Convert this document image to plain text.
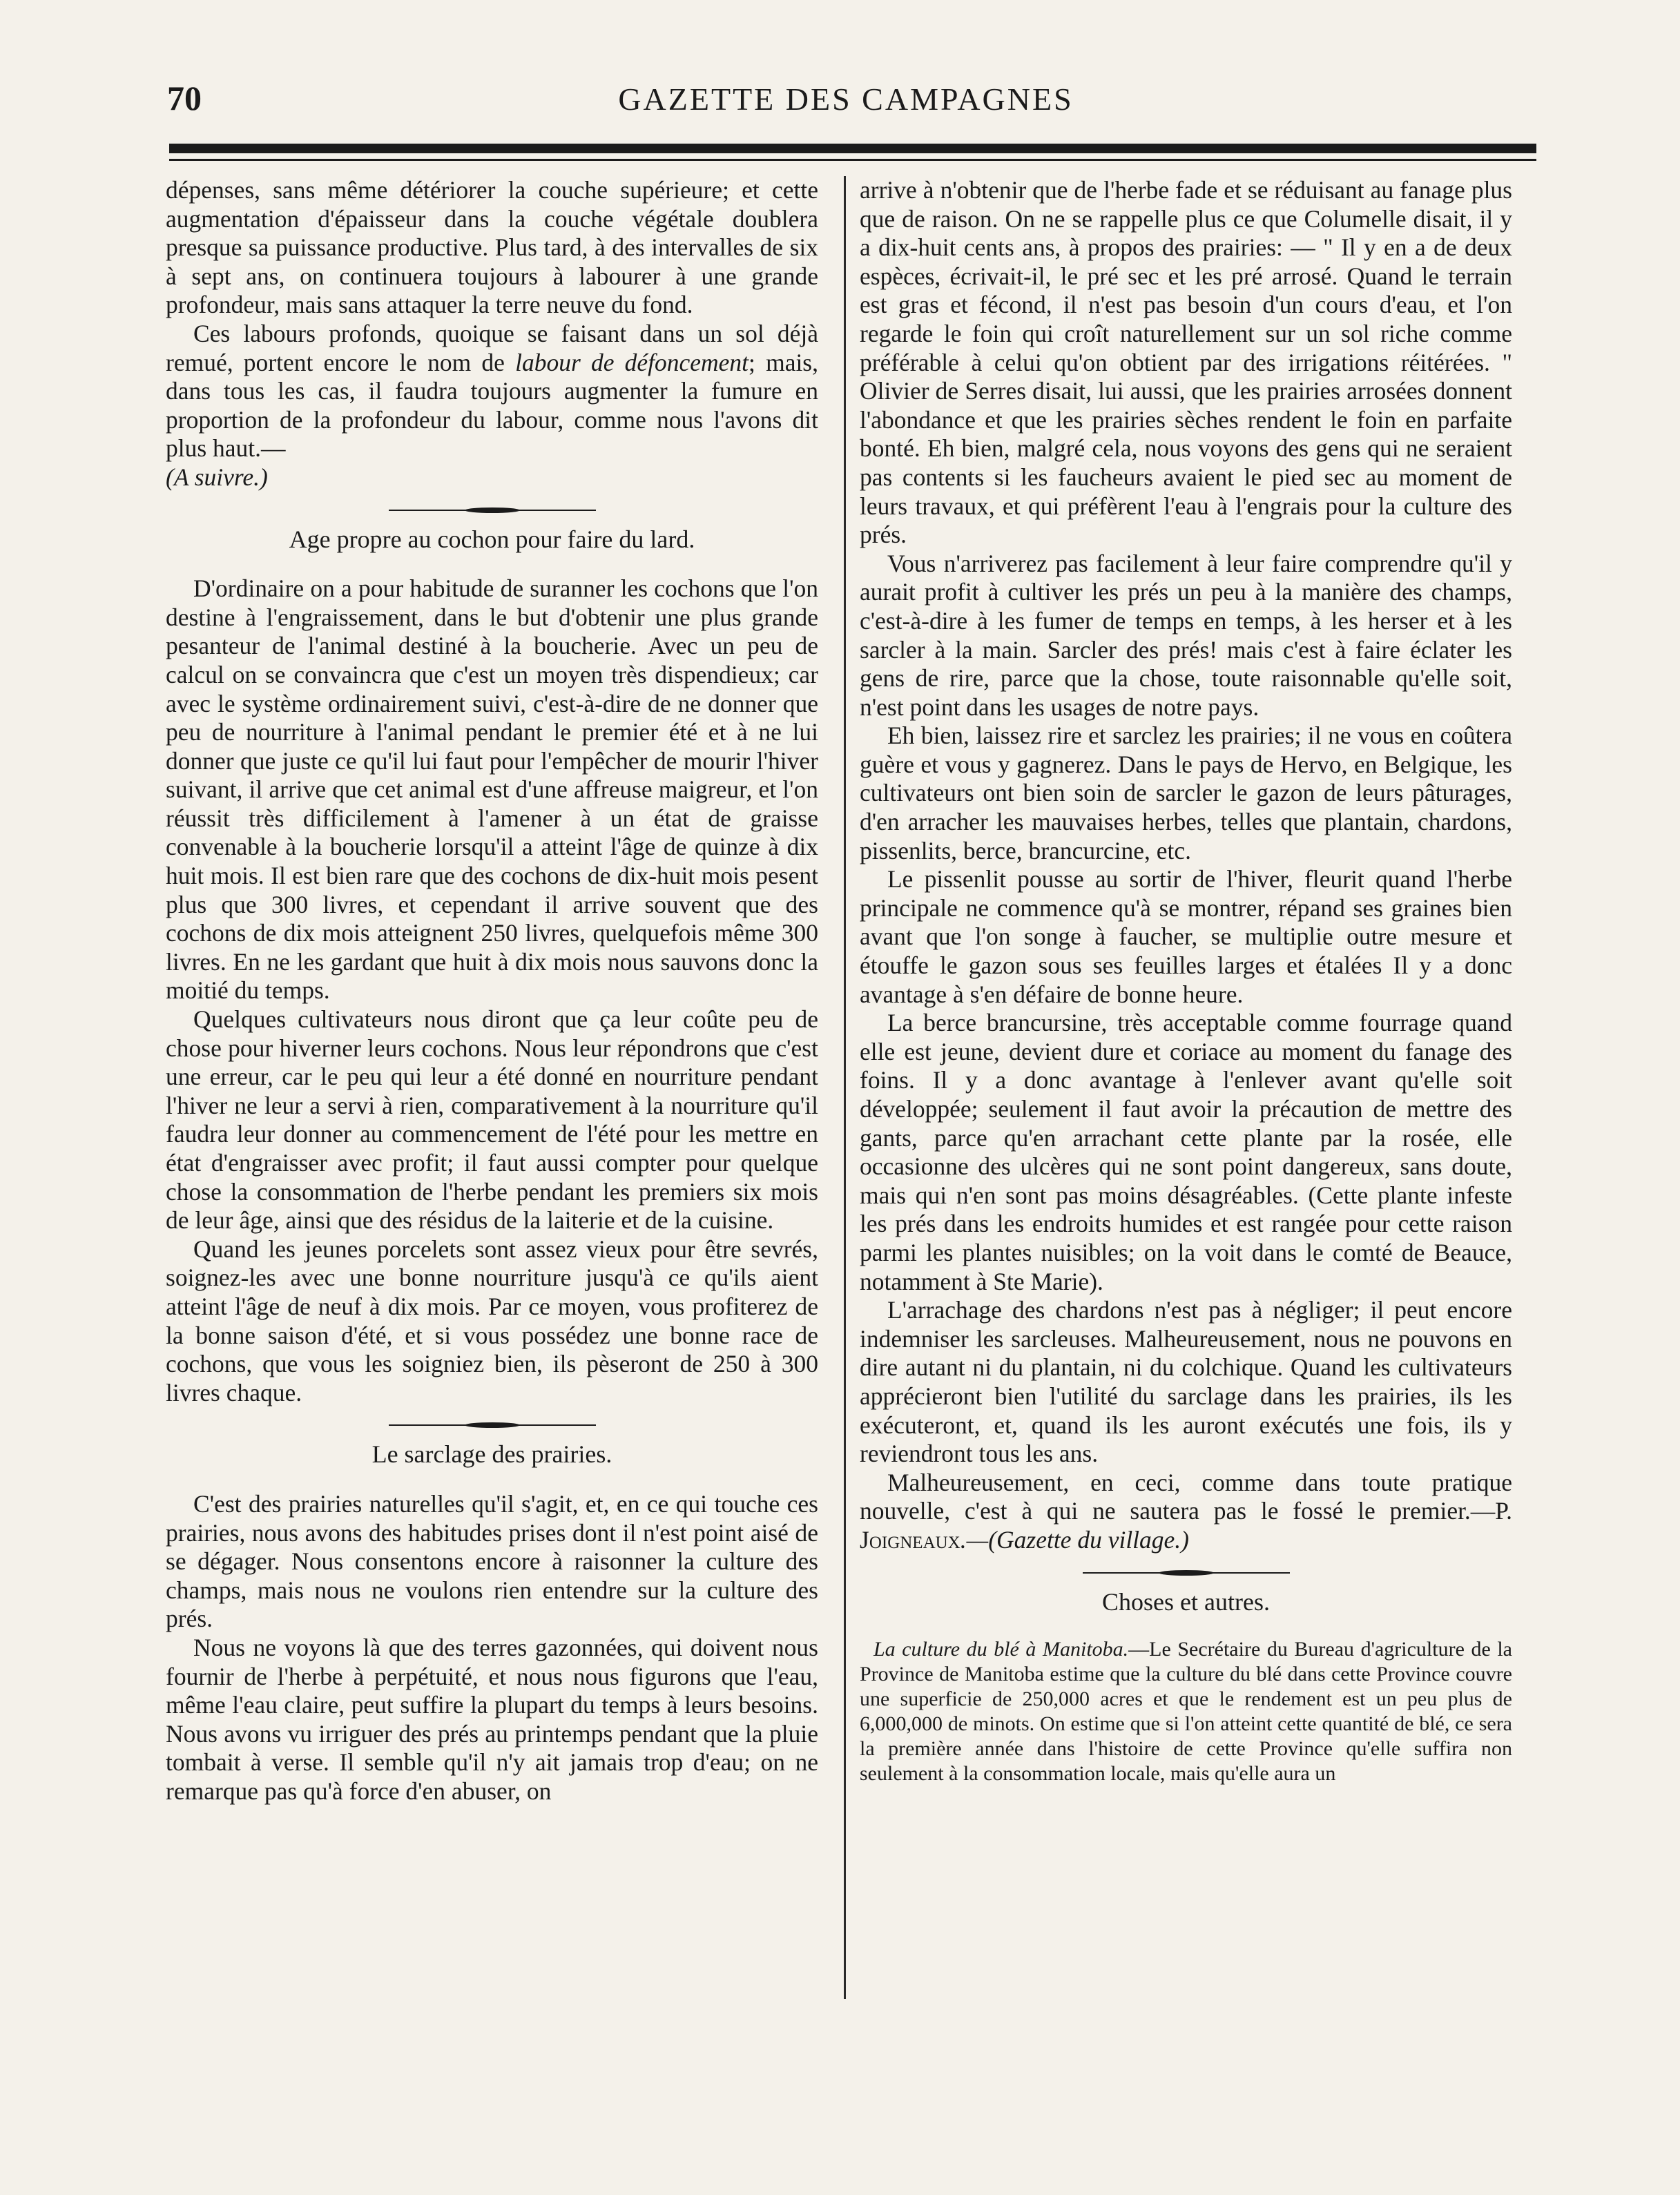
70	GAZETTE DES CAMPAGNES

dépenses, sans même détériorer la couche supérieure; et cette augmentation d'épaisseur dans la couche végétale doublera presque sa puissance productive. Plus tard, à des intervalles de six à sept ans, on continuera toujours à labourer à une grande profondeur, mais sans attaquer la terre neuve du fond.

Ces labours profonds, quoique se faisant dans un sol déjà remué, portent encore le nom de labour de défoncement; mais, dans tous les cas, il faudra toujours augmenter la fumure en proportion de la profondeur du labour, comme nous l'avons dit plus haut.—
(A suivre.)

Age propre au cochon pour faire du lard.

D'ordinaire on a pour habitude de suranner les cochons que l'on destine à l'engraissement, dans le but d'obtenir une plus grande pesanteur de l'animal destiné à la boucherie. Avec un peu de calcul on se convaincra que c'est un moyen très dispendieux; car avec le système ordinairement suivi, c'est-à-dire de ne donner que peu de nourriture à l'animal pendant le premier été et à ne lui donner que juste ce qu'il lui faut pour l'empêcher de mourir l'hiver suivant, il arrive que cet animal est d'une affreuse maigreur, et l'on réussit très difficilement à l'amener à un état de graisse convenable à la boucherie lorsqu'il a atteint l'âge de quinze à dix huit mois. Il est bien rare que des cochons de dix-huit mois pesent plus que 300 livres, et cependant il arrive souvent que des cochons de dix mois atteignent 250 livres, quelquefois même 300 livres. En ne les gardant que huit à dix mois nous sauvons donc la moitié du temps.

Quelques cultivateurs nous diront que ça leur coûte peu de chose pour hiverner leurs cochons. Nous leur répondrons que c'est une erreur, car le peu qui leur a été donné en nourriture pendant l'hiver ne leur a servi à rien, comparativement à la nourriture qu'il faudra leur donner au commencement de l'été pour les mettre en état d'engraisser avec profit; il faut aussi compter pour quelque chose la consommation de l'herbe pendant les premiers six mois de leur âge, ainsi que des résidus de la laiterie et de la cuisine.

Quand les jeunes porcelets sont assez vieux pour être sevrés, soignez-les avec une bonne nourriture jusqu'à ce qu'ils aient atteint l'âge de neuf à dix mois. Par ce moyen, vous profiterez de la bonne saison d'été, et si vous possédez une bonne race de cochons, que vous les soigniez bien, ils pèseront de 250 à 300 livres chaque.

Le sarclage des prairies.

C'est des prairies naturelles qu'il s'agit, et, en ce qui touche ces prairies, nous avons des habitudes prises dont il n'est point aisé de se dégager. Nous consentons encore à raisonner la culture des champs, mais nous ne voulons rien entendre sur la culture des prés.

Nous ne voyons là que des terres gazonnées, qui doivent nous fournir de l'herbe à perpétuité, et nous nous figurons que l'eau, même l'eau claire, peut suffire la plupart du temps à leurs besoins. Nous avons vu irriguer des prés au printemps pendant que la pluie tombait à verse. Il semble qu'il n'y ait jamais trop d'eau; on ne remarque pas qu'à force d'en abuser, on

arrive à n'obtenir que de l'herbe fade et se réduisant au fanage plus que de raison. On ne se rappelle plus ce que Columelle disait, il y a dix-huit cents ans, à propos des prairies: — " Il y en a de deux espèces, écrivait-il, le pré sec et les pré arrosé. Quand le terrain est gras et fécond, il n'est pas besoin d'un cours d'eau, et l'on regarde le foin qui croît naturellement sur un sol riche comme préférable à celui qu'on obtient par des irrigations réitérées. " Olivier de Serres disait, lui aussi, que les prairies arrosées donnent l'abondance et que les prairies sèches rendent le foin en parfaite bonté. Eh bien, malgré cela, nous voyons des gens qui ne seraient pas contents si les faucheurs avaient le pied sec au moment de leurs travaux, et qui préfèrent l'eau à l'engrais pour la culture des prés.

Vous n'arriverez pas facilement à leur faire comprendre qu'il y aurait profit à cultiver les prés un peu à la manière des champs, c'est-à-dire à les fumer de temps en temps, à les herser et à les sarcler à la main. Sarcler des prés! mais c'est à faire éclater les gens de rire, parce que la chose, toute raisonnable qu'elle soit, n'est point dans les usages de notre pays.

Eh bien, laissez rire et sarclez les prairies; il ne vous en coûtera guère et vous y gagnerez. Dans le pays de Hervo, en Belgique, les cultivateurs ont bien soin de sarcler le gazon de leurs pâturages, d'en arracher les mauvaises herbes, telles que plantain, chardons, pissenlits, berce, brancurcine, etc.

Le pissenlit pousse au sortir de l'hiver, fleurit quand l'herbe principale ne commence qu'à se montrer, répand ses graines bien avant que l'on songe à faucher, se multiplie outre mesure et étouffe le gazon sous ses feuilles larges et étalées Il y a donc avantage à s'en défaire de bonne heure.

La berce brancursine, très acceptable comme fourrage quand elle est jeune, devient dure et coriace au moment du fanage des foins. Il y a donc avantage à l'enlever avant qu'elle soit développée; seulement il faut avoir la précaution de mettre des gants, parce qu'en arrachant cette plante par la rosée, elle occasionne des ulcères qui ne sont point dangereux, sans doute, mais qui n'en sont pas moins désagréables. (Cette plante infeste les prés dans les endroits humides et est rangée pour cette raison parmi les plantes nuisibles; on la voit dans le comté de Beauce, notamment à Ste Marie).

L'arrachage des chardons n'est pas à négliger; il peut encore indemniser les sarcleuses. Malheureusement, nous ne pouvons en dire autant ni du plantain, ni du colchique. Quand les cultivateurs apprécieront bien l'utilité du sarclage dans les prairies, ils les exécuteront, et, quand ils les auront exécutés une fois, ils y reviendront tous les ans.

Malheureusement, en ceci, comme dans toute pratique nouvelle, c'est à qui ne sautera pas le fossé le premier.—P. Joigneaux.—(Gazette du village.)

Choses et autres.

La culture du blé à Manitoba.—Le Secrétaire du Bureau d'agriculture de la Province de Manitoba estime que la culture du blé dans cette Province couvre une superficie de 250,000 acres et que le rendement est un peu plus de 6,000,000 de minots. On estime que si l'on atteint cette quantité de blé, ce sera la première année dans l'histoire de cette Province qu'elle suffira non seulement à la consommation locale, mais qu'elle aura un
